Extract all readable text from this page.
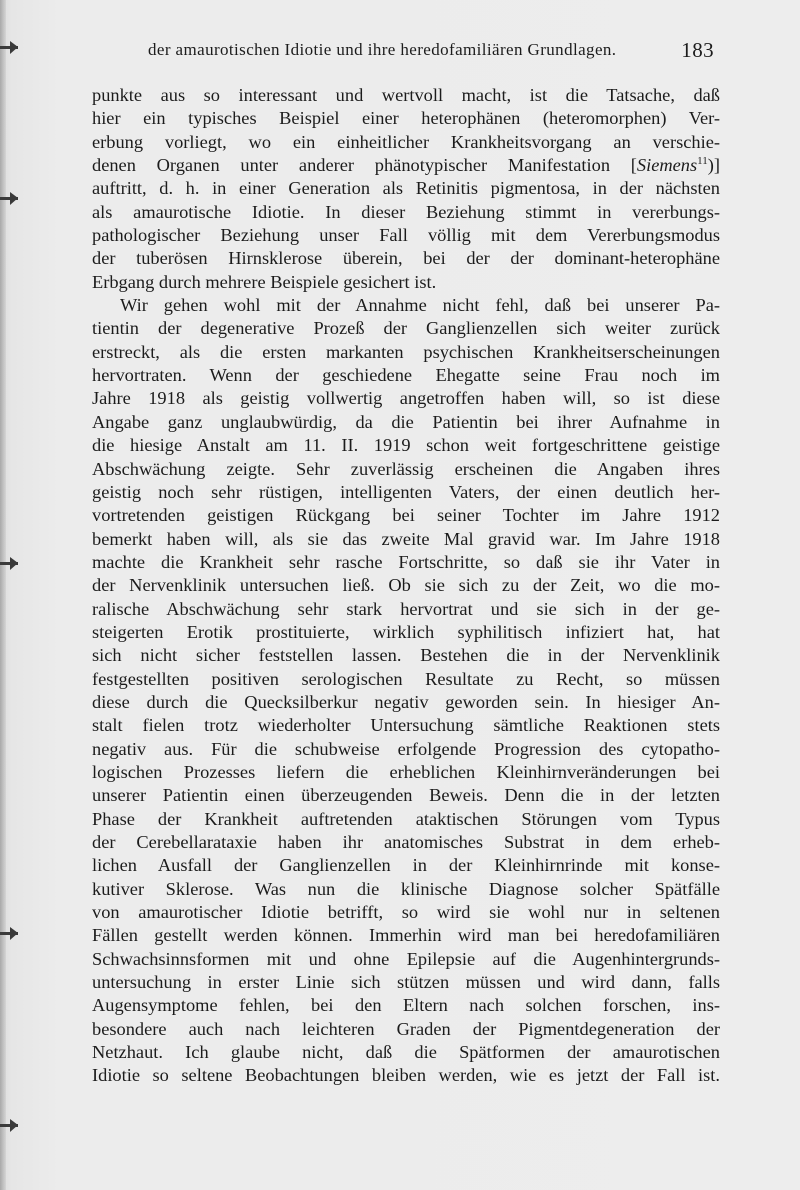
der amaurotischen Idiotie und ihre heredofamiliären Grundlagen.	183
punkte aus so interessant und wertvoll macht, ist die Tatsache, daß
hier ein typisches Beispiel einer heterophänen (heteromorphen) Ver-
erbung vorliegt, wo ein einheitlicher Krankheitsvorgang an verschie-
denen Organen unter anderer phänotypischer Manifestation [Siemens$^{11}$)]
auftritt, d. h. in einer Generation als Retinitis pigmentosa, in der nächsten
als amaurotische Idiotie. In dieser Beziehung stimmt in vererbungs-
pathologischer Beziehung unser Fall völlig mit dem Vererbungsmodus
der tuberösen Hirnsklerose überein, bei der der dominant-heterophäne
Erbgang durch mehrere Beispiele gesichert ist.
Wir gehen wohl mit der Annahme nicht fehl, daß bei unserer Pa-
tientin der degenerative Prozeß der Ganglienzellen sich weiter zurück
erstreckt, als die ersten markanten psychischen Krankheitserscheinungen
hervortraten. Wenn der geschiedene Ehegatte seine Frau noch im
Jahre 1918 als geistig vollwertig angetroffen haben will, so ist diese
Angabe ganz unglaubwürdig, da die Patientin bei ihrer Aufnahme in
die hiesige Anstalt am 11. II. 1919 schon weit fortgeschrittene geistige
Abschwächung zeigte. Sehr zuverlässig erscheinen die Angaben ihres
geistig noch sehr rüstigen, intelligenten Vaters, der einen deutlich her-
vortretenden geistigen Rückgang bei seiner Tochter im Jahre 1912
bemerkt haben will, als sie das zweite Mal gravid war. Im Jahre 1918
machte die Krankheit sehr rasche Fortschritte, so daß sie ihr Vater in
der Nervenklinik untersuchen ließ. Ob sie sich zu der Zeit, wo die mo-
ralische Abschwächung sehr stark hervortrat und sie sich in der ge-
steigerten Erotik prostituierte, wirklich syphilitisch infiziert hat, hat
sich nicht sicher feststellen lassen. Bestehen die in der Nervenklinik
festgestellten positiven serologischen Resultate zu Recht, so müssen
diese durch die Quecksilberkur negativ geworden sein. In hiesiger An-
stalt fielen trotz wiederholter Untersuchung sämtliche Reaktionen stets
negativ aus. Für die schubweise erfolgende Progression des cytopatho-
logischen Prozesses liefern die erheblichen Kleinhirnveränderungen bei
unserer Patientin einen überzeugenden Beweis. Denn die in der letzten
Phase der Krankheit auftretenden ataktischen Störungen vom Typus
der Cerebellarataxie haben ihr anatomisches Substrat in dem erheb-
lichen Ausfall der Ganglienzellen in der Kleinhirnrinde mit konse-
kutiver Sklerose. Was nun die klinische Diagnose solcher Spätfälle
von amaurotischer Idiotie betrifft, so wird sie wohl nur in seltenen
Fällen gestellt werden können. Immerhin wird man bei heredofamiliären
Schwachsinnsformen mit und ohne Epilepsie auf die Augenhintergrunds-
untersuchung in erster Linie sich stützen müssen und wird dann, falls
Augensymptome fehlen, bei den Eltern nach solchen forschen, ins-
besondere auch nach leichteren Graden der Pigmentdegeneration der
Netzhaut. Ich glaube nicht, daß die Spätformen der amaurotischen
Idiotie so seltene Beobachtungen bleiben werden, wie es jetzt der Fall ist.
